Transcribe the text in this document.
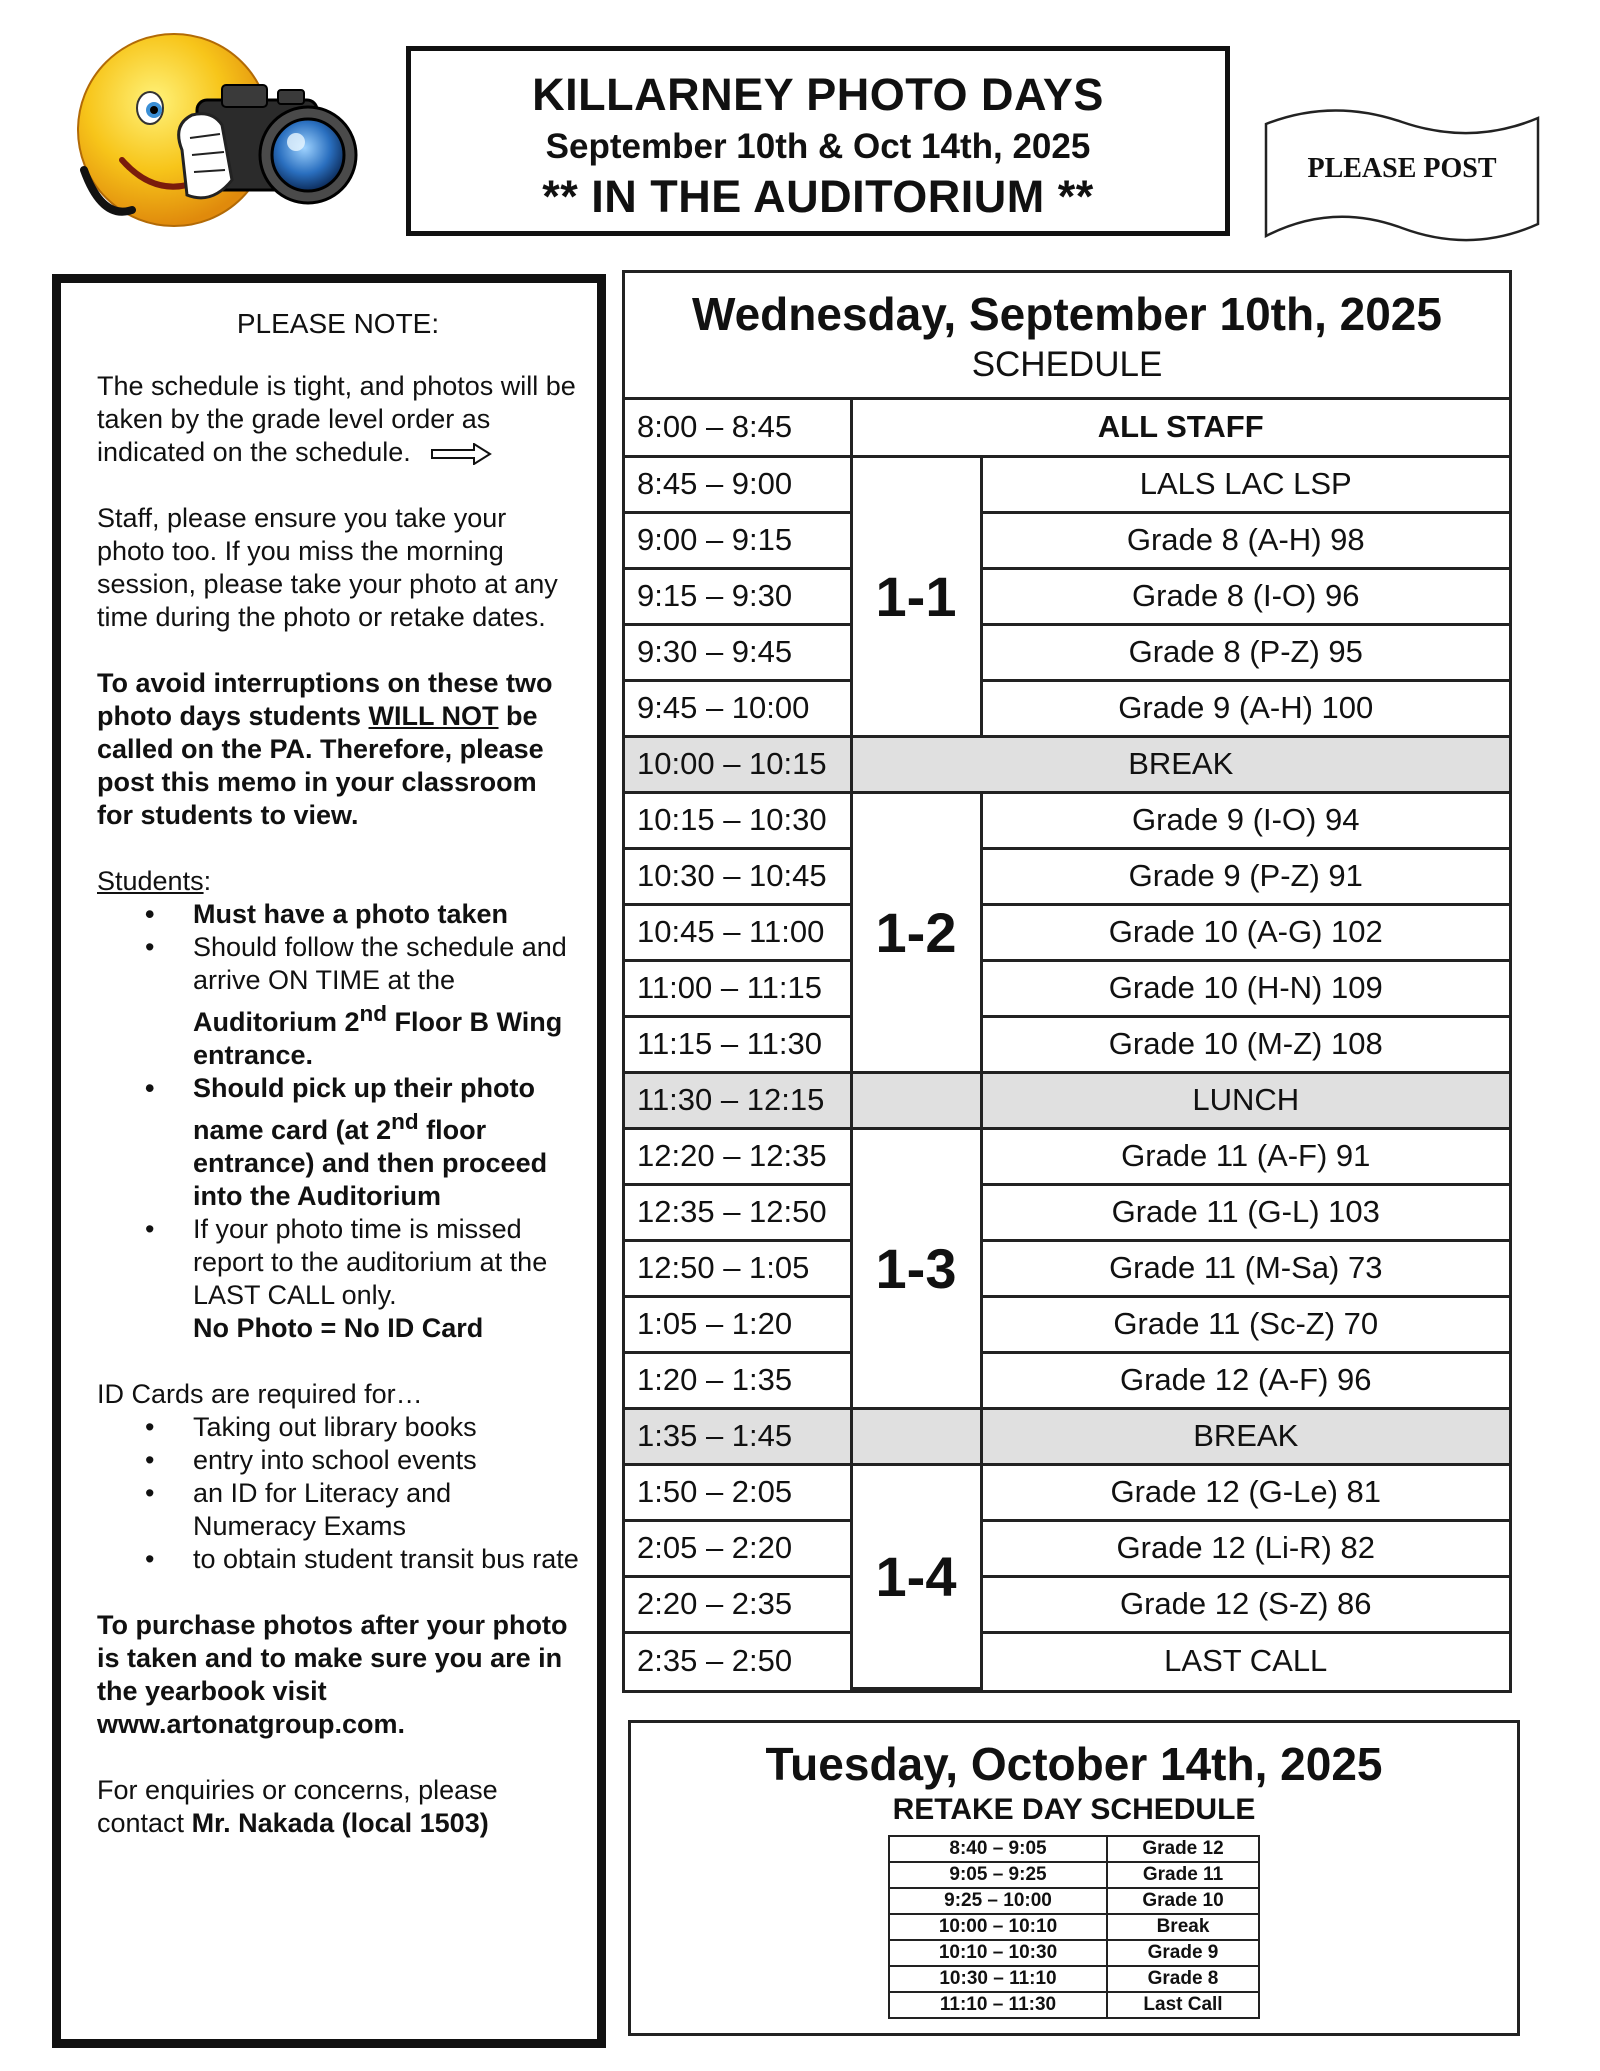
KILLARNEY PHOTO DAYS
September 10th & Oct 14th, 2025
** IN THE AUDITORIUM **
PLEASE POST
PLEASE NOTE:

The schedule is tight, and photos will be taken by the grade level order as indicated on the schedule.

Staff, please ensure you take your photo too. If you miss the morning session, please take your photo at any time during the photo or retake dates.

To avoid interruptions on these two photo days students WILL NOT be called on the PA. Therefore, please post this memo in your classroom for students to view.

Students:
• Must have a photo taken
• Should follow the schedule and arrive ON TIME at the Auditorium 2nd Floor B Wing entrance.
• Should pick up their photo name card (at 2nd floor entrance) and then proceed into the Auditorium
• If your photo time is missed report to the auditorium at the LAST CALL only.
No Photo = No ID Card
ID Cards are required for…
• Taking out library books
• entry into school events
• an ID for Literacy and Numeracy Exams
• to obtain student transit bus rate

To purchase photos after your photo is taken and to make sure you are in the yearbook visit www.artonatgroup.com.

For enquiries or concerns, please contact Mr. Nakada (local 1503)

Wednesday, September 10th, 2025
SCHEDULE
8:00 – 8:45	ALL STAFF	
8:45 – 9:00	1-1	LALS LAC LSP
9:00 – 9:15		Grade 8 (A-H) 98
9:15 – 9:30		Grade 8 (I-O) 96
9:30 – 9:45		Grade 8 (P-Z) 95
9:45 – 10:00		Grade 9 (A-H) 100
10:00 – 10:15	BREAK	
10:15 – 10:30	1-2	Grade 9 (I-O) 94
10:30 – 10:45		Grade 9 (P-Z) 91
10:45 – 11:00		Grade 10 (A-G) 102
11:00 – 11:15		Grade 10 (H-N) 109
11:15 – 11:30		Grade 10 (M-Z) 108
11:30 – 12:15		LUNCH
12:20 – 12:35	1-3	Grade 11 (A-F) 91
12:35 – 12:50		Grade 11 (G-L) 103
12:50 – 1:05		Grade 11 (M-Sa) 73
1:05 – 1:20		Grade 11 (Sc-Z) 70
1:20 – 1:35		Grade 12 (A-F) 96
1:35 – 1:45		BREAK
1:50 – 2:05	1-4	Grade 12 (G-Le) 81
2:05 – 2:20		Grade 12 (Li-R) 82
2:20 – 2:35		Grade 12 (S-Z) 86
2:35 – 2:50		LAST CALL
Tuesday, October 14th, 2025
RETAKE DAY SCHEDULE
8:40 – 9:05	Grade 12
9:05 – 9:25	Grade 11
9:25 – 10:00	Grade 10
10:00 – 10:10	Break
10:10 – 10:30	Grade 9
10:30 – 11:10	Grade 8
11:10 – 11:30	Last Call
